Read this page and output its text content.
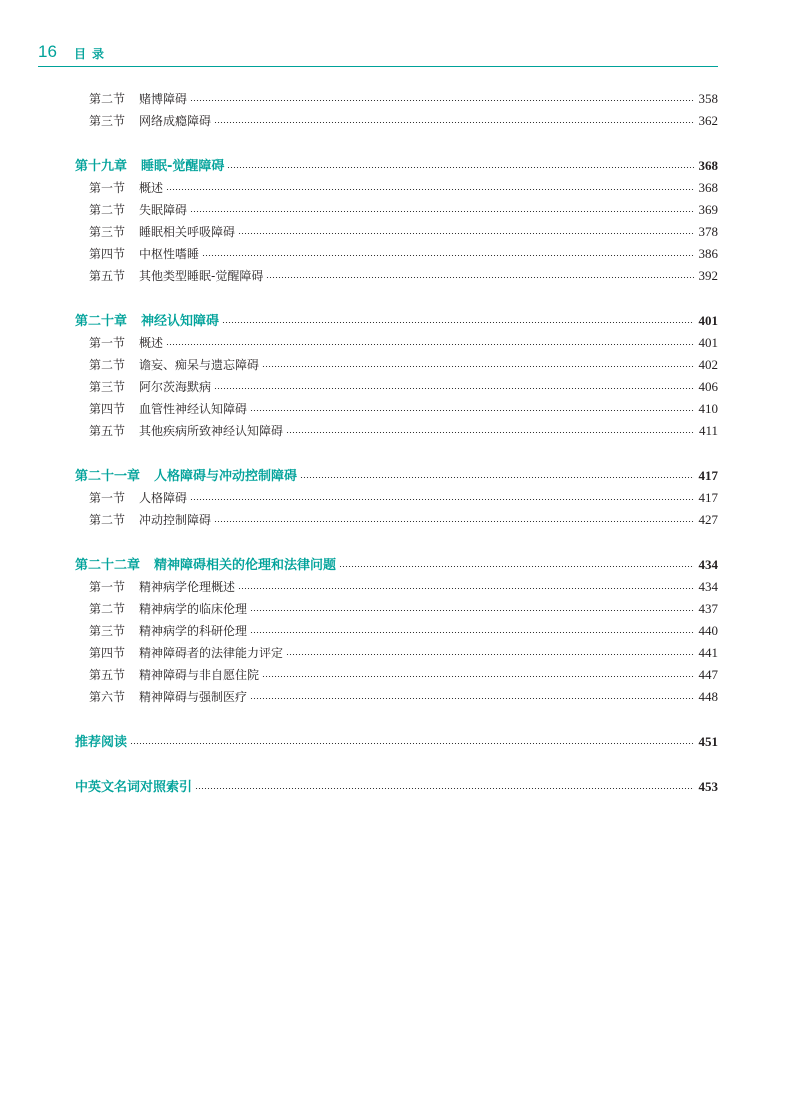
16 目录
第二节 赌博障碍	358
第三节 网络成瘾障碍	362
第十九章 睡眠-觉醒障碍	368
第一节 概述	368
第二节 失眠障碍	369
第三节 睡眠相关呼吸障碍	378
第四节 中枢性嗜睡	386
第五节 其他类型睡眠-觉醒障碍	392
第二十章 神经认知障碍	401
第一节 概述	401
第二节 谵妄、痴呆与遗忘障碍	402
第三节 阿尔茨海默病	406
第四节 血管性神经认知障碍	410
第五节 其他疾病所致神经认知障碍	411
第二十一章 人格障碍与冲动控制障碍	417
第一节 人格障碍	417
第二节 冲动控制障碍	427
第二十二章 精神障碍相关的伦理和法律问题	434
第一节 精神病学伦理概述	434
第二节 精神病学的临床伦理	437
第三节 精神病学的科研伦理	440
第四节 精神障碍者的法律能力评定	441
第五节 精神障碍与非自愿住院	447
第六节 精神障碍与强制医疗	448
推荐阅读	451
中英文名词对照索引	453
